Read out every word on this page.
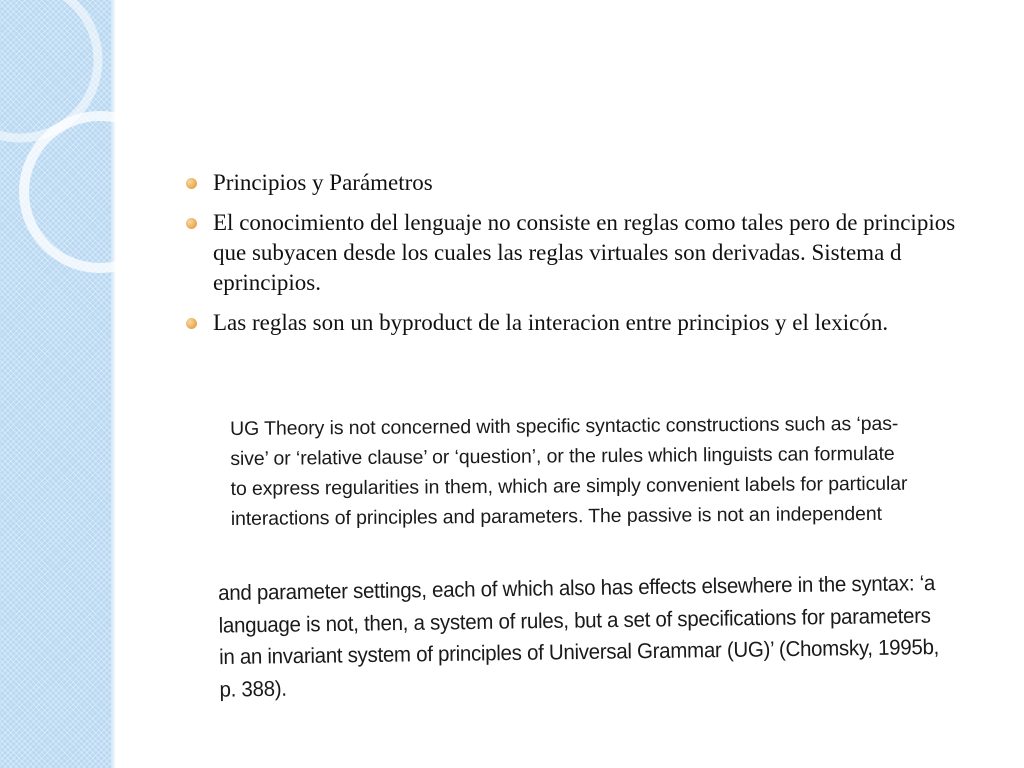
Principios y Parámetros
El conocimiento del lenguaje no consiste en reglas como tales pero de principios que subyacen desde los cuales las reglas virtuales son derivadas. Sistema d eprincipios.
Las reglas son un byproduct de la interacion entre principios y el lexicón.
UG Theory is not concerned with specific syntactic constructions such as ‘pas-
sive’ or ‘relative clause’ or ‘question’, or the rules which linguists can formulate
to express regularities in them, which are simply convenient labels for particular
interactions of principles and parameters. The passive is not an independent
and parameter settings, each of which also has effects elsewhere in the syntax: ‘a
language is not, then, a system of rules, but a set of specifications for parameters
in an invariant system of principles of Universal Grammar (UG)’ (Chomsky, 1995b,
p. 388).
